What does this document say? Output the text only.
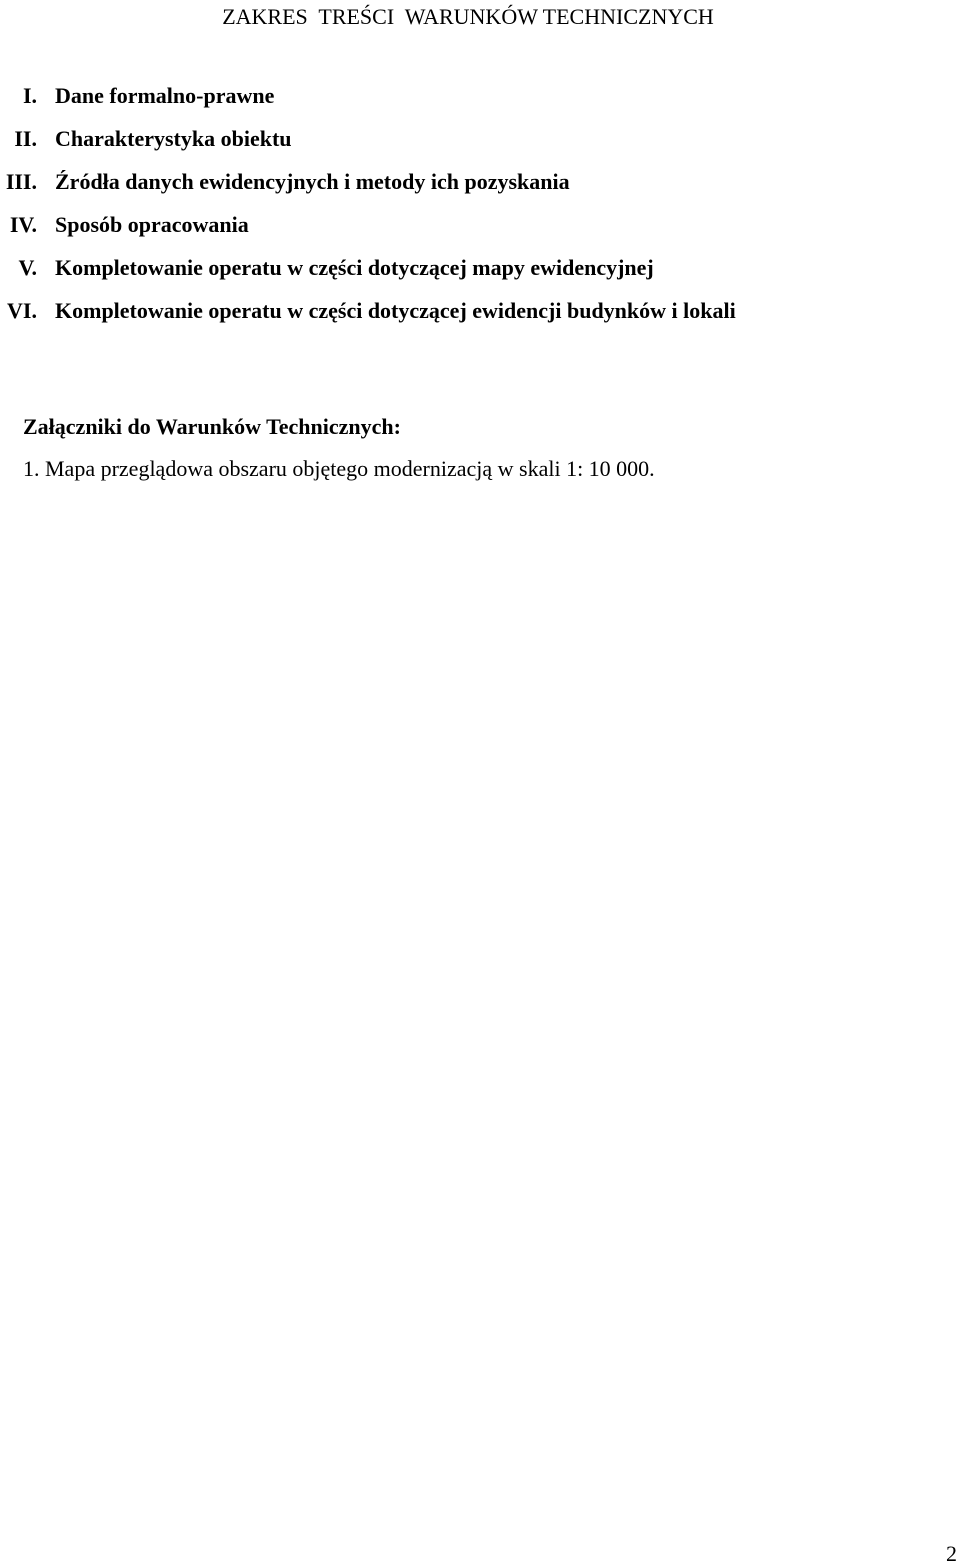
ZAKRES  TREŚCI  WARUNKÓW TECHNICZNYCH
I. Dane formalno-prawne
II. Charakterystyka obiektu
III. Źródła danych ewidencyjnych i metody ich pozyskania
IV. Sposób opracowania
V. Kompletowanie operatu w części dotyczącej mapy ewidencyjnej
VI. Kompletowanie operatu w części dotyczącej ewidencji budynków i lokali
Załączniki do Warunków Technicznych:

1. Mapa przeglądowa obszaru objętego modernizacją w skali 1: 10 000.

2
